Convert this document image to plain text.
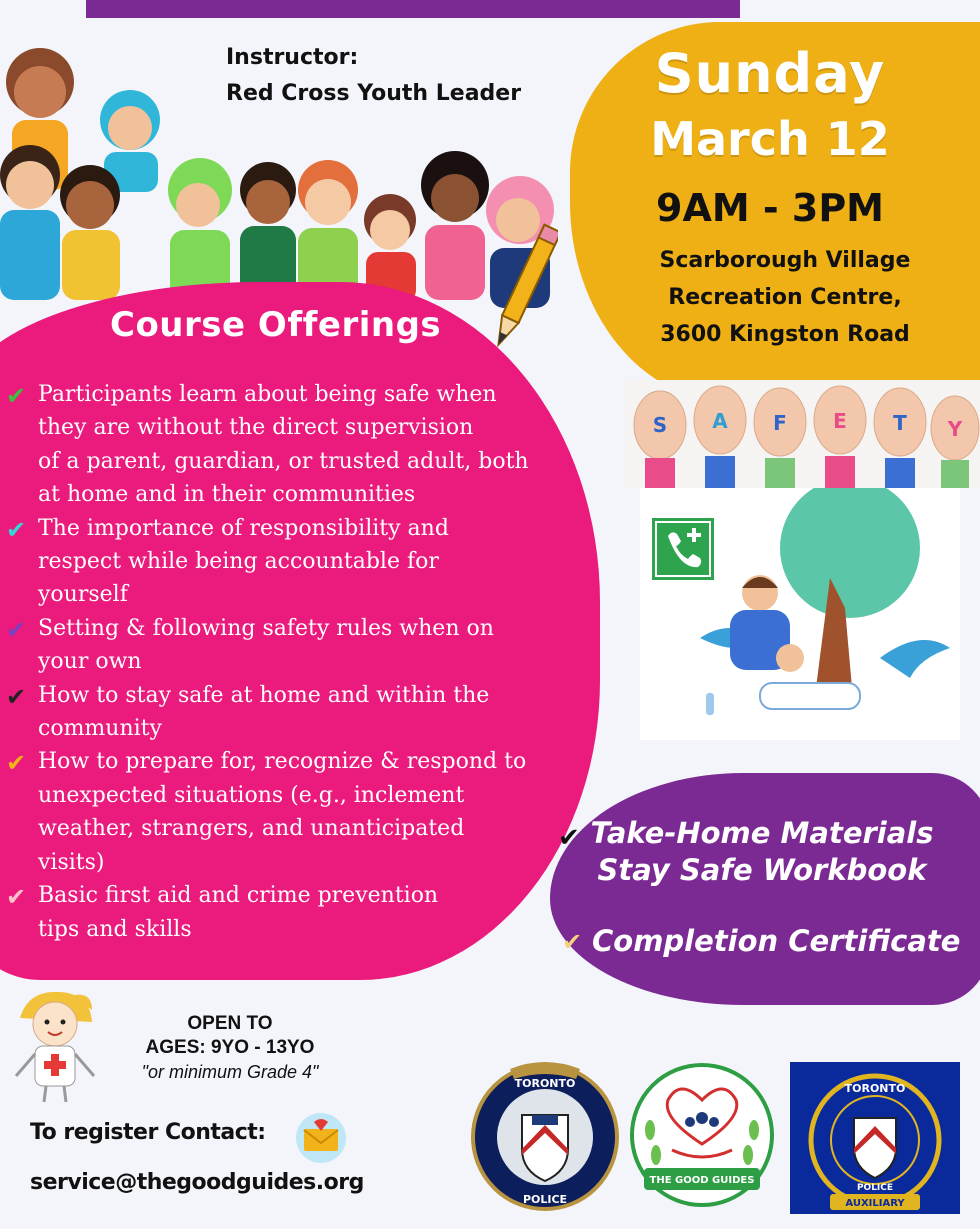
Instructor:
Red Cross Youth Leader	Sunday
March 12
9AM - 3PM
Scarborough Village
Recreation Centre,
3600 Kingston Road
S A F E T Y
Course Offerings
✔ Participants learn about being safe when
they are without the direct supervision
of a parent, guardian, or trusted adult, both
at home and in their communities
✔ The importance of responsibility and
respect while being accountable for
yourself
✔ Setting & following safety rules when on
your own
✔ How to stay safe at home and within the
community
✔ How to prepare for, recognize & respond to
unexpected situations (e.g., inclement
weather, strangers, and unanticipated
visits)
✔ Basic first aid and crime prevention
tips and skills
✔ Take-Home Materials
Stay Safe Workbook
✔ Completion Certificate
OPEN TO
AGES: 9YO - 13YO
"or minimum Grade 4"
To register Contact:
service@thegoodguides.org
TORONTO
POLICE
THE GOOD GUIDES
TORONTO
POLICE
AUXILIARY
